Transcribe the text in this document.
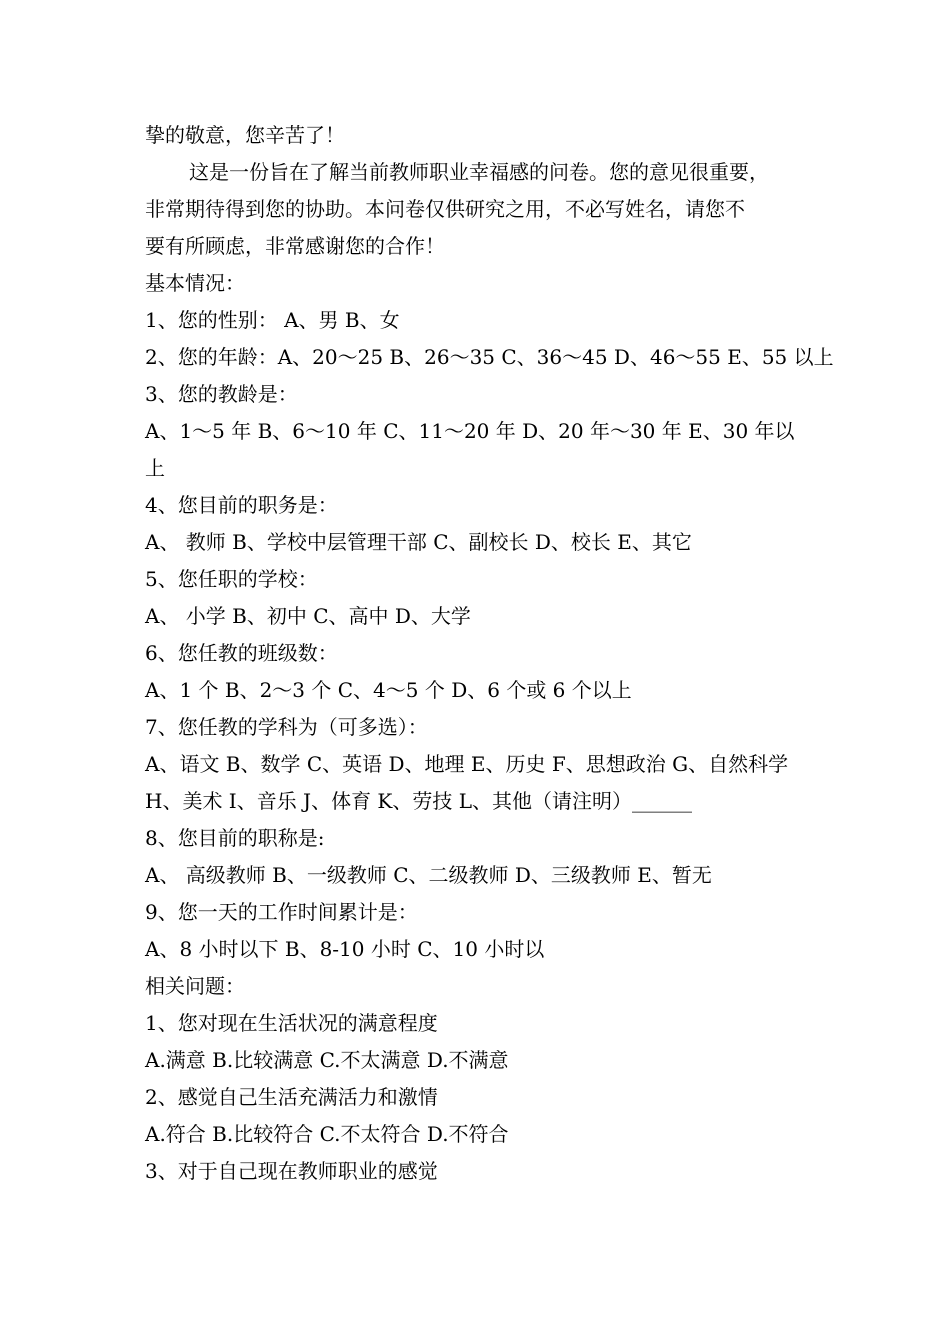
挚的敬意，您辛苦了！
这是一份旨在了解当前教师职业幸福感的问卷。您的意见很重要，
非常期待得到您的协助。本问卷仅供研究之用，不必写姓名，请您不
要有所顾虑，非常感谢您的合作！
基本情况：
1、您的性别： A、男 B、女
2、您的年龄：A、20～25 B、26～35 C、36～45 D、46～55 E、55 以上
3、您的教龄是：
A、1～5 年 B、6～10 年 C、11～20 年 D、20 年～30 年 E、30 年以
上
4、您目前的职务是：
A、 教师 B、学校中层管理干部 C、副校长 D、校长 E、其它
5、您任职的学校：
A、 小学 B、初中 C、高中 D、大学
6、您任教的班级数：
A、1 个 B、2～3 个 C、4～5 个 D、6 个或 6 个以上
7、您任教的学科为（可多选）：
A、语文 B、数学 C、英语 D、地理 E、历史 F、思想政治 G、自然科学
H、美术 I、音乐 J、体育 K、劳技 L、其他（请注明）______
8、您目前的职称是:
A、 高级教师 B、一级教师 C、二级教师 D、三级教师 E、暂无
9、您一天的工作时间累计是：
A、8 小时以下 B、8-10 小时 C、10 小时以
相关问题：
1、您对现在生活状况的满意程度
A.满意 B.比较满意 C.不太满意 D.不满意
2、感觉自己生活充满活力和激情
A.符合 B.比较符合 C.不太符合 D.不符合
3、对于自己现在教师职业的感觉
